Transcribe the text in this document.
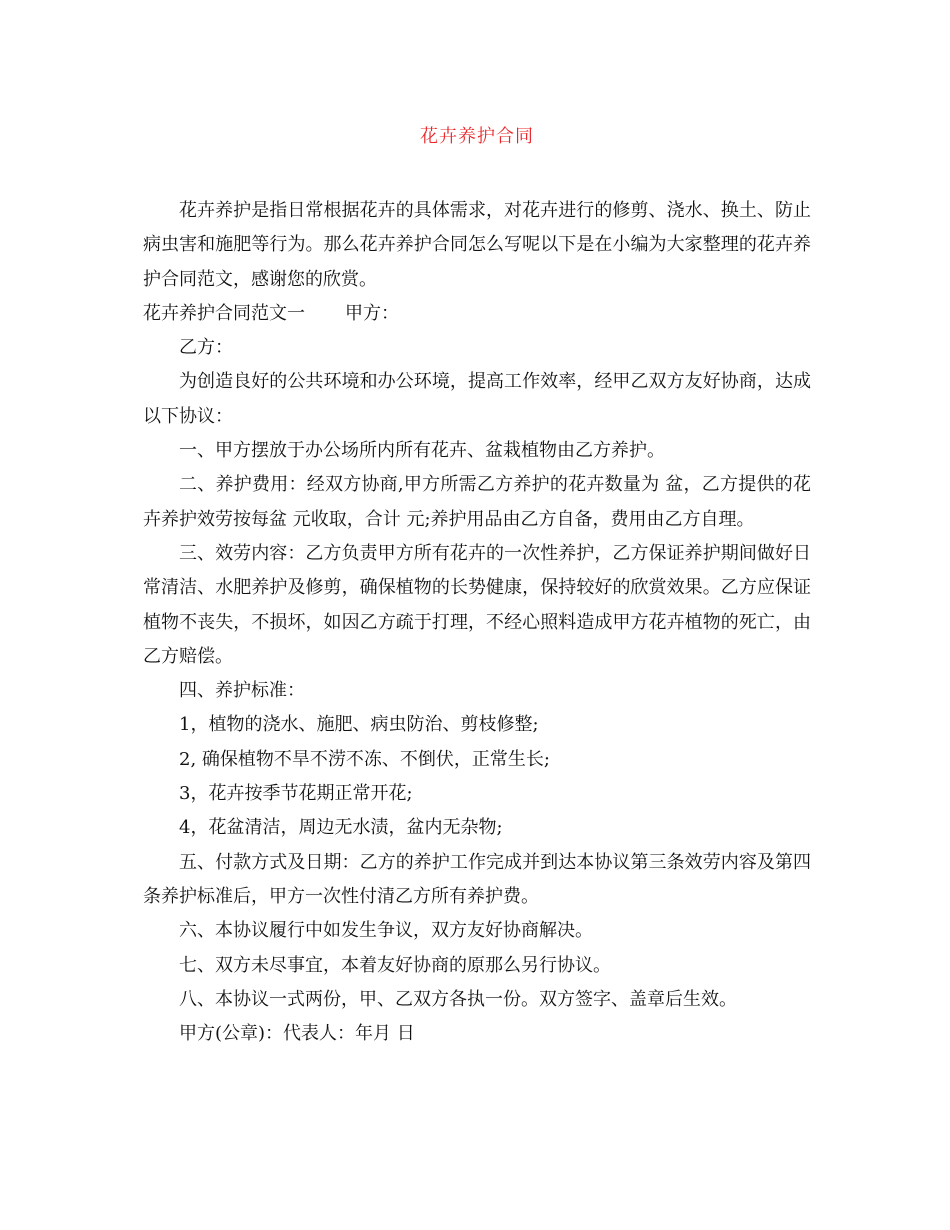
花卉养护合同

花卉养护是指日常根据花卉的具体需求，对花卉进行的修剪、浇水、换土、防止病虫害和施肥等行为。那么花卉养护合同怎么写呢以下是在小编为大家整理的花卉养护合同范文，感谢您的欣赏。

花卉养护合同范文一 甲方：

乙方：

为创造良好的公共环境和办公环境，提高工作效率，经甲乙双方友好协商，达成以下协议：

一、甲方摆放于办公场所内所有花卉、盆栽植物由乙方养护。

二、养护费用：经双方协商,甲方所需乙方养护的花卉数量为 盆，乙方提供的花卉养护效劳按每盆 元收取，合计 元;养护用品由乙方自备，费用由乙方自理。

三、效劳内容：乙方负责甲方所有花卉的一次性养护，乙方保证养护期间做好日常清洁、水肥养护及修剪，确保植物的长势健康，保持较好的欣赏效果。乙方应保证植物不丧失，不损坏，如因乙方疏于打理，不经心照料造成甲方花卉植物的死亡，由乙方赔偿。

四、养护标准：

1，植物的浇水、施肥、病虫防治、剪枝修整;

2, 确保植物不旱不涝不冻、不倒伏，正常生长;

3，花卉按季节花期正常开花;

4，花盆清洁，周边无水渍，盆内无杂物;

五、付款方式及日期：乙方的养护工作完成并到达本协议第三条效劳内容及第四条养护标准后，甲方一次性付清乙方所有养护费。

六、本协议履行中如发生争议，双方友好协商解决。

七、双方未尽事宜，本着友好协商的原那么另行协议。

八、本协议一式两份，甲、乙双方各执一份。双方签字、盖章后生效。

甲方(公章)：代表人：年月 日
